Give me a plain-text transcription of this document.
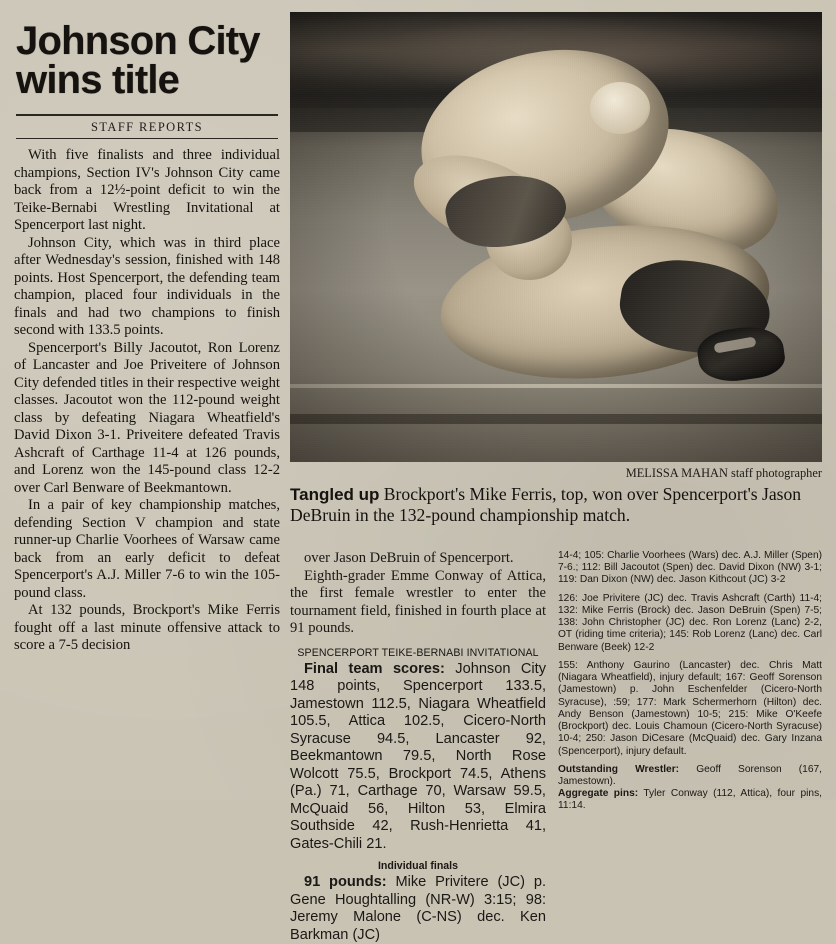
Johnson City wins title
STAFF REPORTS

With five finalists and three individual champions, Section IV's Johnson City came back from a 12½-point deficit to win the Teike-Bernabi Wrestling Invitational at Spencerport last night.

Johnson City, which was in third place after Wednesday's session, finished with 148 points. Host Spencerport, the defending team champion, placed four individuals in the finals and had two champions to finish second with 133.5 points.

Spencerport's Billy Jacoutot, Ron Lorenz of Lancaster and Joe Priveitere of Johnson City defended titles in their respective weight classes. Jacoutot won the 112-pound weight class by defeating Niagara Wheatfield's David Dixon 3-1. Priveitere defeated Travis Ashcraft of Carthage 11-4 at 126 pounds, and Lorenz won the 145-pound class 12-2 over Carl Benware of Beekmantown.

In a pair of key championship matches, defending Section V champion and state runner-up Charlie Voorhees of Warsaw came back from an early deficit to defeat Spencerport's A.J. Miller 7-6 to win the 105-pound class.

At 132 pounds, Brockport's Mike Ferris fought off a last minute offensive attack to score a 7-5 decision

MELISSA MAHAN staff photographer
Tangled up Brockport's Mike Ferris, top, won over Spencerport's Jason DeBruin in the 132-pound championship match.

over Jason DeBruin of Spencerport.

Eighth-grader Emme Conway of Attica, the first female wrestler to enter the tournament field, finished in fourth place at 91 pounds.

SPENCERPORT TEIKE-BERNABI INVITATIONAL

Final team scores: Johnson City 148 points, Spencerport 133.5, Jamestown 112.5, Niagara Wheatfield 105.5, Attica 102.5, Cicero-North Syracuse 94.5, Lancaster 92, Beekmantown 79.5, North Rose Wolcott 75.5, Brockport 74.5, Athens (Pa.) 71, Carthage 70, Warsaw 59.5, McQuaid 56, Hilton 53, Elmira Southside 42, Rush-Henrietta 41, Gates-Chili 21.

Individual finals

91 pounds: Mike Privitere (JC) p. Gene Houghtalling (NR-W) 3:15; 98: Jeremy Malone (C-NS) dec. Ken Barkman (JC)

14-4; 105: Charlie Voorhees (Wars) dec. A.J. Miller (Spen) 7-6.; 112: Bill Jacoutot (Spen) dec. David Dixon (NW) 3-1; 119: Dan Dixon (NW) dec. Jason Kithcout (JC) 3-2

126: Joe Privitere (JC) dec. Travis Ashcraft (Carth) 11-4; 132: Mike Ferris (Brock) dec. Jason DeBruin (Spen) 7-5; 138: John Christopher (JC) dec. Ron Lorenz (Lanc) 2-2, OT (riding time criteria); 145: Rob Lorenz (Lanc) dec. Carl Benware (Beek) 12-2

155: Anthony Gaurino (Lancaster) dec. Chris Matt (Niagara Wheatfield), injury default; 167: Geoff Sorenson (Jamestown) p. John Eschenfelder (Cicero-North Syracuse), :59; 177: Mark Schermerhorn (Hilton) dec. Andy Benson (Jamestown) 10-5; 215: Mike O'Keefe (Brockport) dec. Louis Chamoun (Cicero-North Syracuse) 10-4; 250: Jason DiCesare (McQuaid) dec. Gary Inzana (Spencerport), injury default.

Outstanding Wrestler: Geoff Sorenson (167, Jamestown).

Aggregate pins: Tyler Conway (112, Attica), four pins, 11:14.
